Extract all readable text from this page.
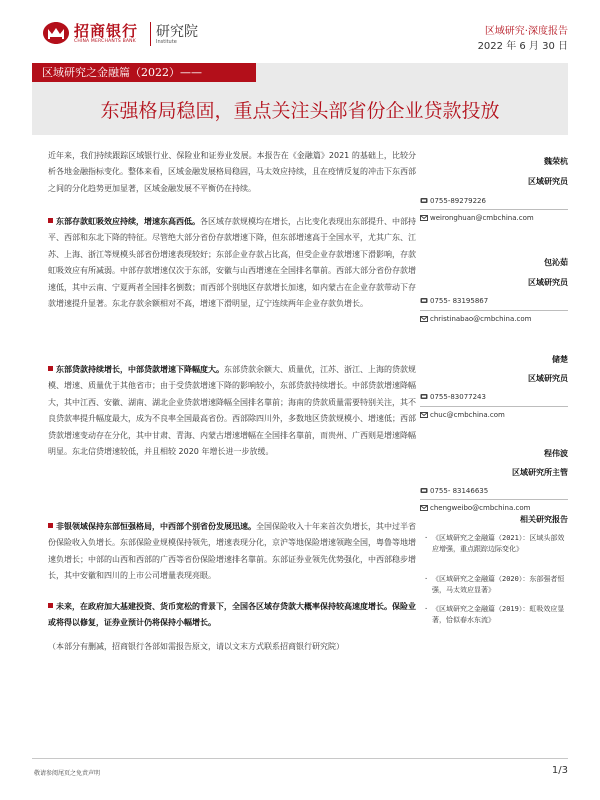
招商银行
CHINA MERCHANTS BANK
研究院
Institute
区域研究·深度报告
2022 年 6 月 30 日
区域研究之金融篇（2022）——
东强格局稳固，重点关注头部省份企业贷款投放
近年来，我们持续跟踪区域银行业、保险业和证券业发展。本报告在《金融篇》2021 的基础上，比较分析各地金融指标变化。整体来看，区域金融发展格局稳固，马太效应持续，且在疫情反复的冲击下东西部之间的分化趋势更加显著，区域金融发展不平衡仍在持续。
东部存款虹吸效应持续，增速东高西低。各区域存款规模均在增长，占比变化表现出东部提升、中部持平、西部和东北下降的特征。尽管绝大部分省份存款增速下降，但东部增速高于全国水平，尤其广东、江苏、上海、浙江等规模头部省份增速表现较好；东部企业存款占比高，但受企业存款增速下滑影响，存款虹吸效应有所减弱。中部存款增速仅次于东部，安徽与山西增速在全国排名靠前。西部大部分省份存款增速低，其中云南、宁夏两者全国排名倒数；而西部个别地区存款增长加速，如内蒙古在企业存款带动下存款增速提升显著。东北存款余额相对不高，增速下滑明显，辽宁连续两年企业存款负增长。
东部贷款持续增长，中部贷款增速下降幅度大。东部贷款余额大、质量优，江苏、浙江、上海的贷款规模、增速、质量优于其他省市；由于受贷款增速下降的影响较小，东部贷款持续增长。中部贷款增速降幅大，其中江西、安徽、湖南、湖北企业贷款增速降幅全国排名靠前；海南的贷款质量需要特别关注，其不良贷款率提升幅度最大，成为不良率全国最高省份。西部除四川外，多数地区贷款规模小、增速低；西部贷款增速变动存在分化，其中甘肃、青海、内蒙古增速增幅在全国排名靠前，而贵州、广西则是增速降幅明显。东北信贷增速较低，并且相较 2020 年增长进一步放缓。
非银领域保持东部恒强格局，中西部个别省份发展迅速。全国保险收入十年来首次负增长，其中过半省份保险收入负增长。东部保险业规模保持领先，增速表现分化，京沪等地保险增速领跑全国，粤鲁等地增速负增长；中部的山西和西部的广西等省份保险增速排名靠前。东部证券业领先优势强化，中西部稳步增长，其中安徽和四川的上市公司增量表现亮眼。
未来，在政府加大基建投资、货币宽松的背景下，全国各区域存贷款大概率保持较高速度增长。保险业或将得以修复，证券业预计仍将保持小幅增长。
（本部分有删减，招商银行各部如需报告原文，请以文末方式联系招商银行研究院）
魏荣杭
区域研究员
0755-89279226
weironghuan@cmbchina.com
包沁茹
区域研究员
0755- 83195867
christinabao@cmbchina.com
储楚
区域研究员
0755-83077243
chuc@cmbchina.com
程伟波
区域研究所主管
0755- 83146635
chengweibo@cmbchina.com
相关研究报告
· 《区域研究之金融篇（2021）：区域头部效应增强，重点跟踪边际变化》
· 《区域研究之金融篇（2020）：东部强者恒强，马太效应显著》
· 《区域研究之金融篇（2019）：虹吸效应显著，恰似春水东流》
敬请参阅尾页之免责声明	1/3
